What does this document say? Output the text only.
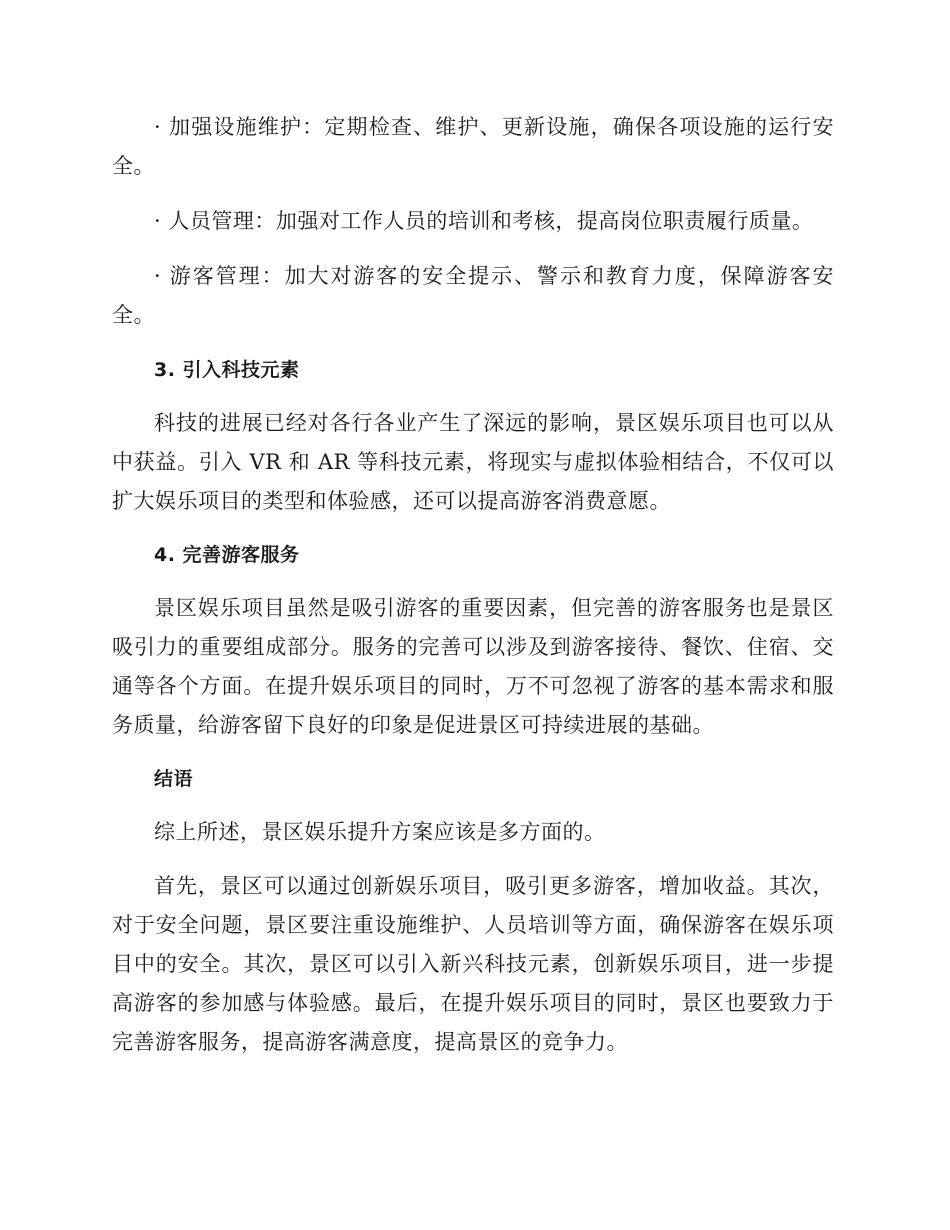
· 加强设施维护：定期检查、维护、更新设施，确保各项设施的运行安全。

· 人员管理：加强对工作人员的培训和考核，提高岗位职责履行质量。

· 游客管理：加大对游客的安全提示、警示和教育力度，保障游客安全。

3. 引入科技元素

科技的进展已经对各行各业产生了深远的影响，景区娱乐项目也可以从中获益。引入 VR 和 AR 等科技元素，将现实与虚拟体验相结合，不仅可以扩大娱乐项目的类型和体验感，还可以提高游客消费意愿。

4. 完善游客服务

景区娱乐项目虽然是吸引游客的重要因素，但完善的游客服务也是景区吸引力的重要组成部分。服务的完善可以涉及到游客接待、餐饮、住宿、交通等各个方面。在提升娱乐项目的同时，万不可忽视了游客的基本需求和服务质量，给游客留下良好的印象是促进景区可持续进展的基础。

结语

综上所述，景区娱乐提升方案应该是多方面的。

首先，景区可以通过创新娱乐项目，吸引更多游客，增加收益。其次，对于安全问题，景区要注重设施维护、人员培训等方面，确保游客在娱乐项目中的安全。其次，景区可以引入新兴科技元素，创新娱乐项目，进一步提高游客的参加感与体验感。最后，在提升娱乐项目的同时，景区也要致力于完善游客服务，提高游客满意度，提高景区的竞争力。
